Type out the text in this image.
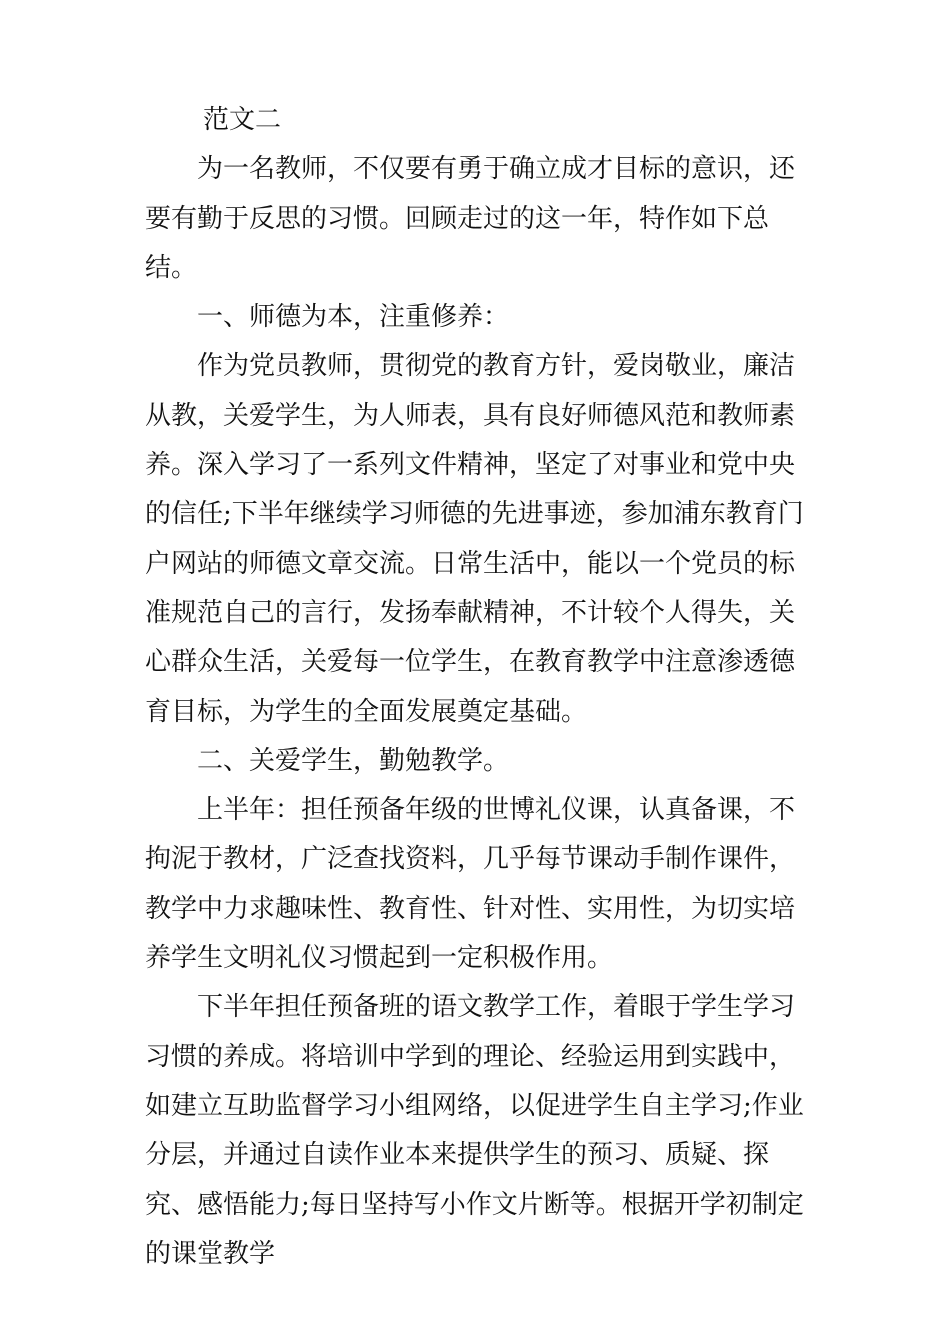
范文二

为一名教师，不仅要有勇于确立成才目标的意识，还要有勤于反思的习惯。回顾走过的这一年，特作如下总结。

一、师德为本，注重修养：

作为党员教师，贯彻党的教育方针，爱岗敬业，廉洁从教，关爱学生，为人师表，具有良好师德风范和教师素养。深入学习了一系列文件精神，坚定了对事业和党中央的信任;下半年继续学习师德的先进事迹，参加浦东教育门户网站的师德文章交流。日常生活中，能以一个党员的标准规范自己的言行，发扬奉献精神，不计较个人得失，关心群众生活，关爱每一位学生，在教育教学中注意渗透德育目标，为学生的全面发展奠定基础。

二、关爱学生，勤勉教学。

上半年：担任预备年级的世博礼仪课，认真备课，不拘泥于教材，广泛查找资料，几乎每节课动手制作课件，教学中力求趣味性、教育性、针对性、实用性，为切实培养学生文明礼仪习惯起到一定积极作用。

下半年担任预备班的语文教学工作，着眼于学生学习习惯的养成。将培训中学到的理论、经验运用到实践中，如建立互助监督学习小组网络，以促进学生自主学习;作业分层，并通过自读作业本来提供学生的预习、质疑、探究、感悟能力;每日坚持写小作文片断等。根据开学初制定的课堂教学
